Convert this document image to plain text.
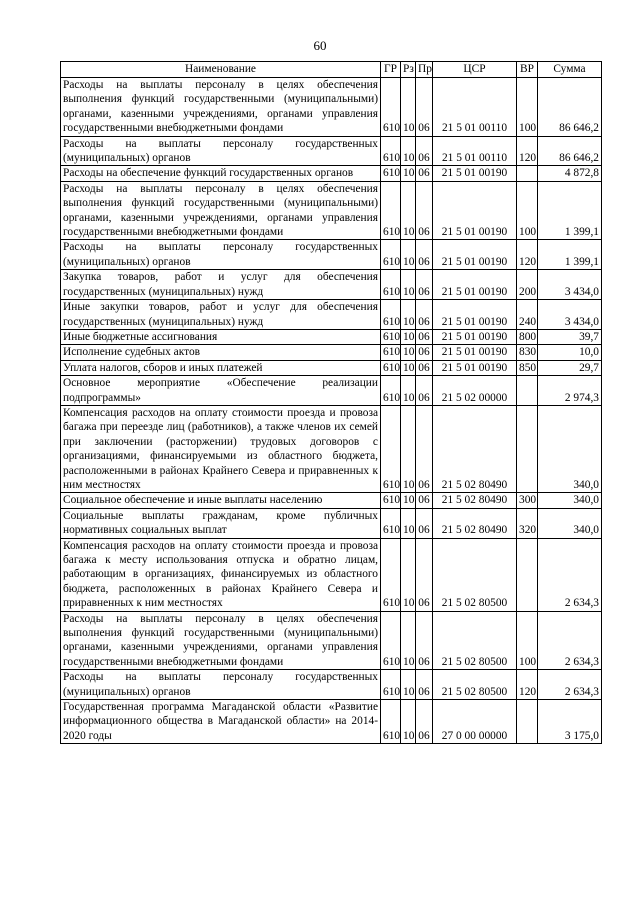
60
Наименование	ГР	Рз	Пр	ЦСР	ВР	Сумма
Расходы на выплаты персоналу в целях обеспечения выполнения функций государственными (муниципальными) органами, казенными учреждениями, органами управления государственными внебюджетными фондами	610	10	06	21 5 01 00110	100	86 646,2
Расходы на выплаты персоналу государственных (муниципальных) органов	610	10	06	21 5 01 00110	120	86 646,2
Расходы на обеспечение функций государственных органов	610	10	06	21 5 01 00190		4 872,8
Расходы на выплаты персоналу в целях обеспечения выполнения функций государственными (муниципальными) органами, казенными учреждениями, органами управления государственными внебюджетными фондами	610	10	06	21 5 01 00190	100	1 399,1
Расходы на выплаты персоналу государственных (муниципальных) органов	610	10	06	21 5 01 00190	120	1 399,1
Закупка товаров, работ и услуг для обеспечения государственных (муниципальных) нужд	610	10	06	21 5 01 00190	200	3 434,0
Иные закупки товаров, работ и услуг для обеспечения государственных (муниципальных) нужд	610	10	06	21 5 01 00190	240	3 434,0
Иные бюджетные ассигнования	610	10	06	21 5 01 00190	800	39,7
Исполнение судебных актов	610	10	06	21 5 01 00190	830	10,0
Уплата налогов, сборов и иных платежей	610	10	06	21 5 01 00190	850	29,7
Основное мероприятие «Обеспечение реализации подпрограммы»	610	10	06	21 5 02 00000		2 974,3
Компенсация расходов на оплату стоимости проезда и провоза багажа при переезде лиц (работников), а также членов их семей при заключении (расторжении) трудовых договоров с организациями, финансируемыми из областного бюджета, расположенными в районах Крайнего Севера и приравненных к ним местностях	610	10	06	21 5 02 80490		340,0
Социальное обеспечение и иные выплаты населению	610	10	06	21 5 02 80490	300	340,0
Социальные выплаты гражданам, кроме публичных нормативных социальных выплат	610	10	06	21 5 02 80490	320	340,0
Компенсация расходов на оплату стоимости проезда и провоза багажа к месту использования отпуска и обратно лицам, работающим в организациях, финансируемых из областного бюджета, расположенных в районах Крайнего Севера и приравненных к ним местностях	610	10	06	21 5 02 80500		2 634,3
Расходы на выплаты персоналу в целях обеспечения выполнения функций государственными (муниципальными) органами, казенными учреждениями, органами управления государственными внебюджетными фондами	610	10	06	21 5 02 80500	100	2 634,3
Расходы на выплаты персоналу государственных (муниципальных) органов	610	10	06	21 5 02 80500	120	2 634,3
Государственная программа Магаданской области «Развитие информационного общества в Магаданской области» на 2014-2020 годы	610	10	06	27 0 00 00000		3 175,0
